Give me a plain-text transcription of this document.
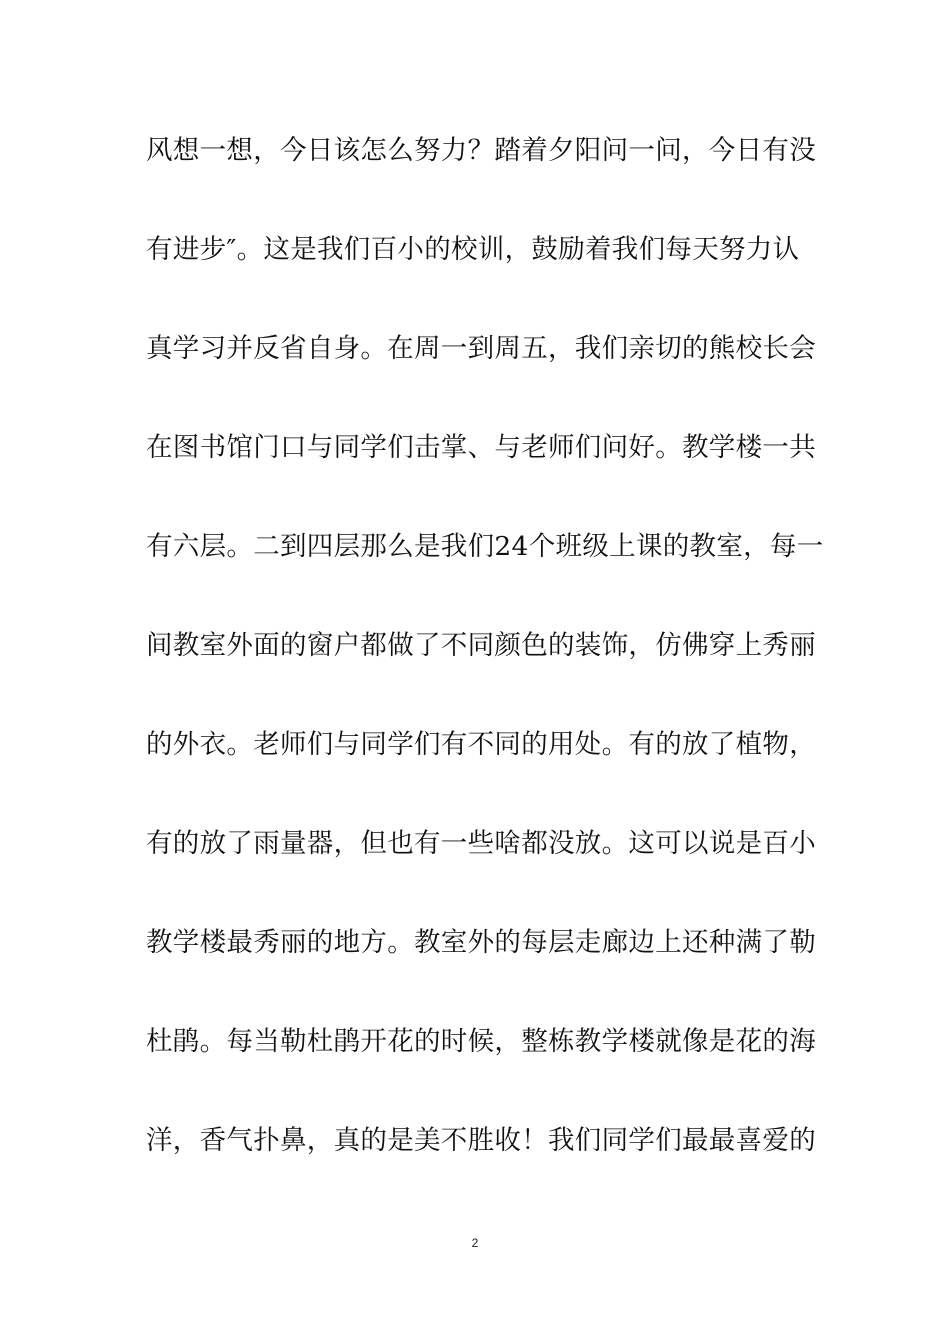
风想一想，今日该怎么努力？踏着夕阳问一问，今日有没
有进步″。这是我们百小的校训，鼓励着我们每天努力认
真学习并反省自身。在周一到周五，我们亲切的熊校长会
在图书馆门口与同学们击掌、与老师们问好。教学楼一共
有六层。二到四层那么是我们24个班级上课的教室，每一
间教室外面的窗户都做了不同颜色的装饰，仿佛穿上秀丽
的外衣。老师们与同学们有不同的用处。有的放了植物，
有的放了雨量器，但也有一些啥都没放。这可以说是百小
教学楼最秀丽的地方。教室外的每层走廊边上还种满了勒
杜鹃。每当勒杜鹃开花的时候，整栋教学楼就像是花的海
洋，香气扑鼻，真的是美不胜收！我们同学们最最喜爱的
2
